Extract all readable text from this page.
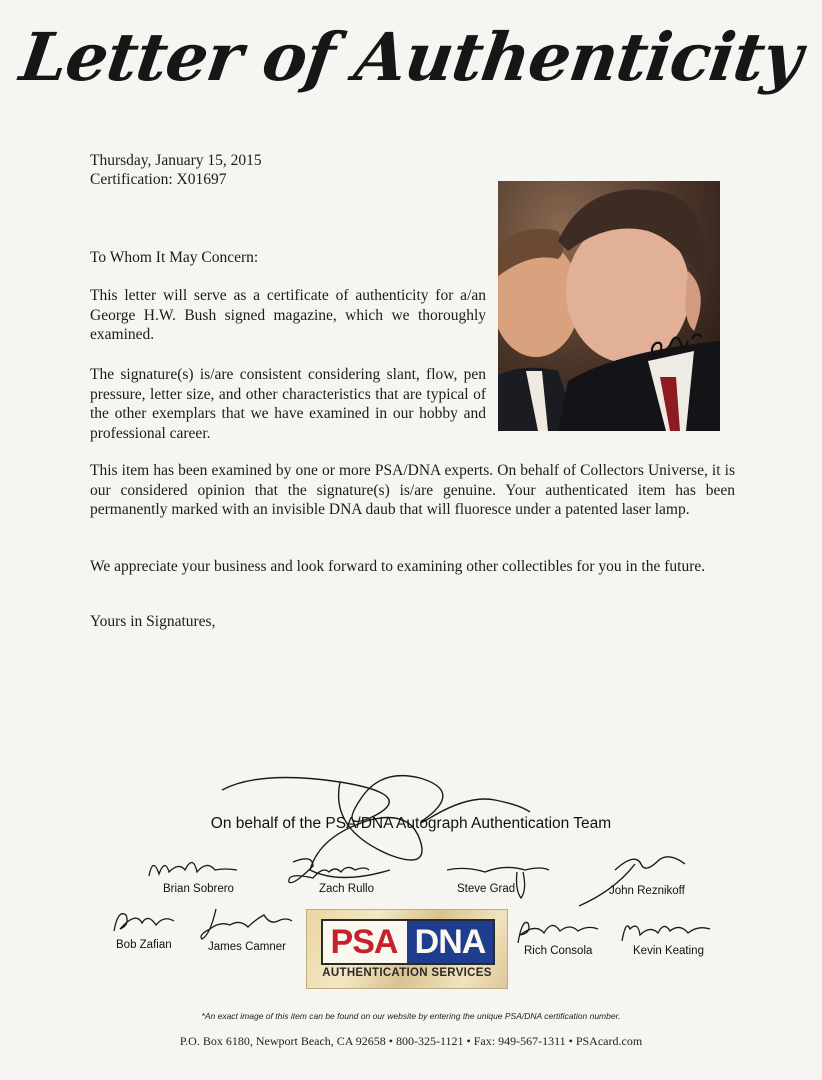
Letter of Authenticity
Thursday, January 15, 2015
Certification: X01697
To Whom It May Concern:
This letter will serve as a certificate of authenticity for a/an George H.W. Bush signed magazine, which we thoroughly examined.
The signature(s) is/are consistent considering slant, flow, pen pressure, letter size, and other characteristics that are typical of the other exemplars that we have examined in our hobby and professional career.
This item has been examined by one or more PSA/DNA experts. On behalf of Collectors Universe, it is our considered opinion that the signature(s) is/are genuine. Your authenticated item has been permanently marked with an invisible DNA daub that will fluoresce under a patented laser lamp.
We appreciate your business and look forward to examining other collectibles for you in the future.
Yours in Signatures,
On behalf of the PSA/DNA Autograph Authentication Team
Brian Sobrero	Zach Rullo	Steve Grad	John Reznikoff
Bob Zafian	James Camner PSA DNA
AUTHENTICATION SERVICES
Rich Consola	Kevin Keating
*An exact image of this item can be found on our website by entering the unique PSA/DNA certification number.
P.O. Box 6180, Newport Beach, CA 92658 • 800-325-1121 • Fax: 949-567-1311 • PSAcard.com
